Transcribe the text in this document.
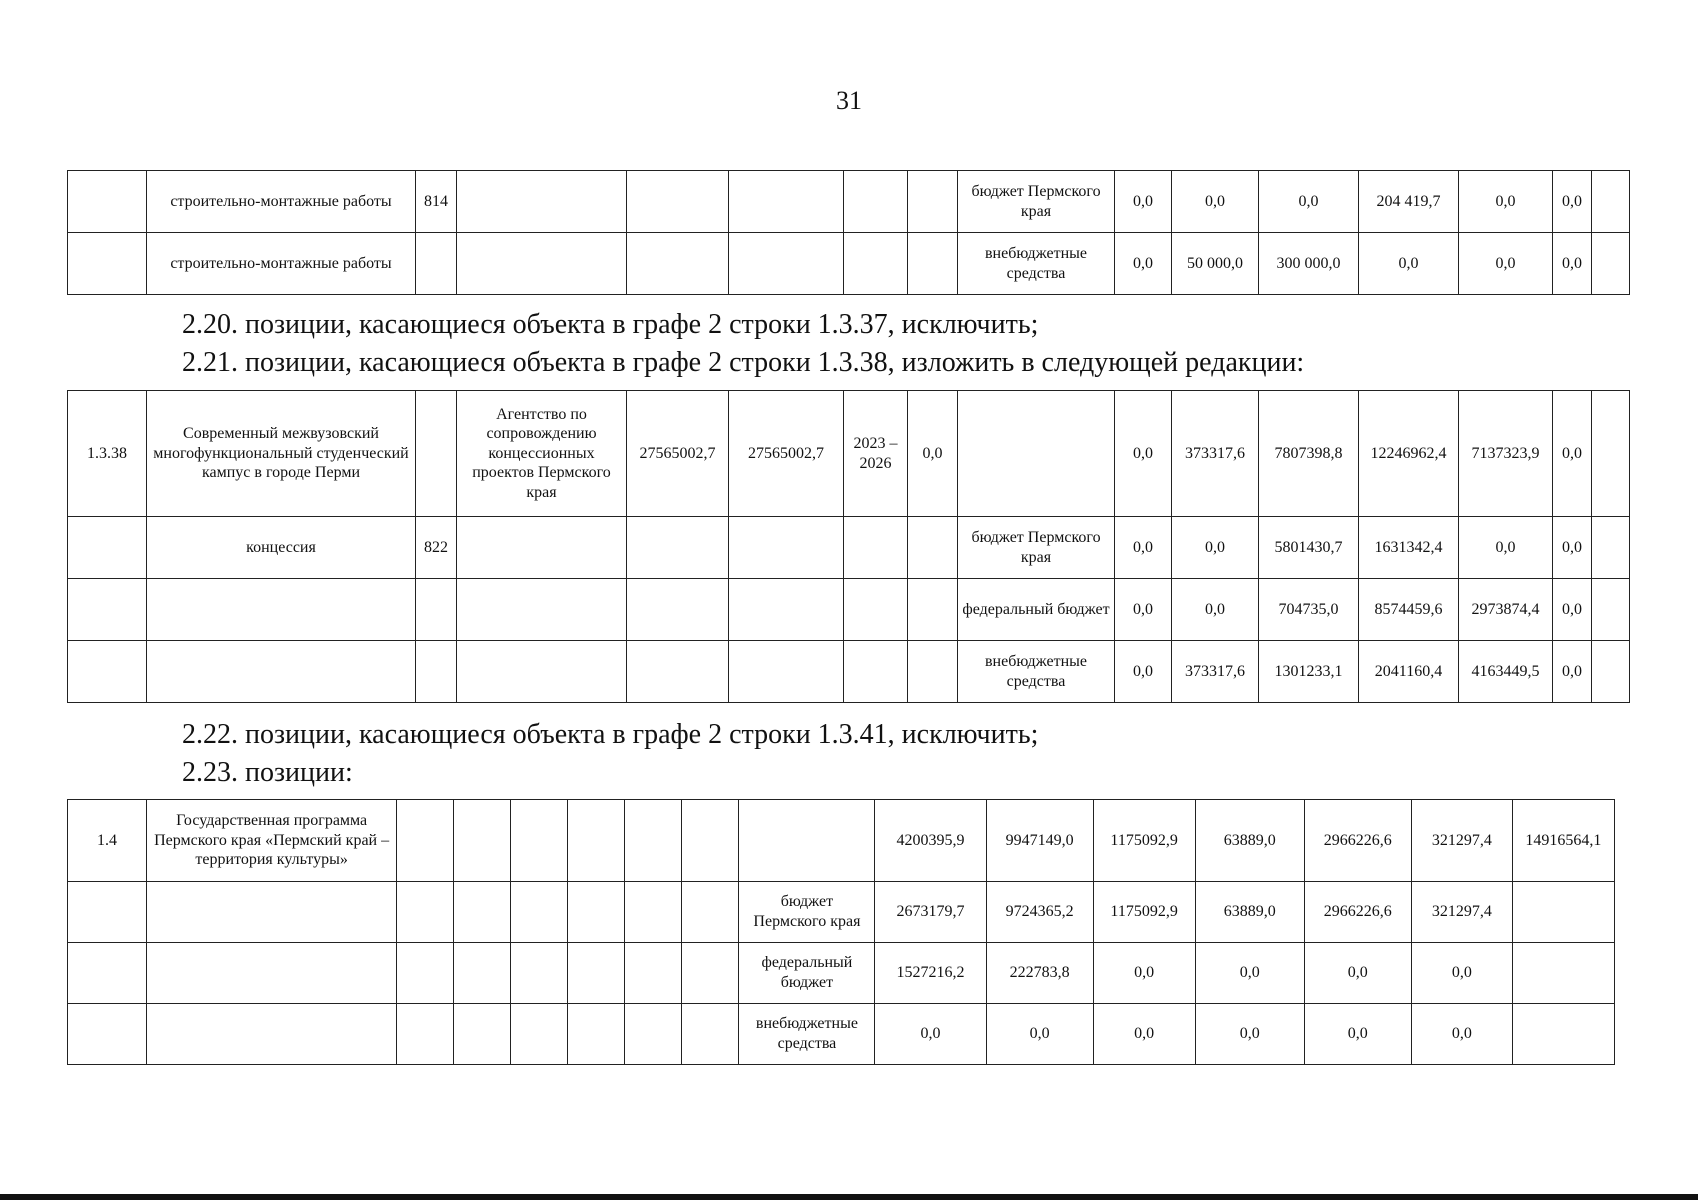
31
	строительно-монтажные работы	814						бюджет Пермского края	0,0	0,0	0,0	204 419,7	0,0	0,0	
	строительно-монтажные работы							внебюджетные средства	0,0	50 000,0	300 000,0	0,0	0,0	0,0	
2.20. позиции, касающиеся объекта в графе 2 строки 1.3.37, исключить;
2.21. позиции, касающиеся объекта в графе 2 строки 1.3.38, изложить в следующей редакции:
1.3.38	Современный межвузовский многофункциональный студенческий кампус в городе Перми		Агентство по сопровождению концессионных проектов Пермского края	27565002,7	27565002,7	2023 – 2026	0,0		0,0	373317,6	7807398,8	12246962,4	7137323,9	0,0	
	концессия	822						бюджет Пермского края	0,0	0,0	5801430,7	1631342,4	0,0	0,0	
								федеральный бюджет	0,0	0,0	704735,0	8574459,6	2973874,4	0,0	
								внебюджетные средства	0,0	373317,6	1301233,1	2041160,4	4163449,5	0,0	
2.22. позиции, касающиеся объекта в графе 2 строки 1.3.41, исключить;
2.23. позиции:
1.4	Государственная программа Пермского края «Пермский край – территория культуры»								4200395,9	9947149,0	1175092,9	63889,0	2966226,6	321297,4	14916564,1
								бюджет Пермского края	2673179,7	9724365,2	1175092,9	63889,0	2966226,6	321297,4	
								федеральный бюджет	1527216,2	222783,8	0,0	0,0	0,0	0,0	
								внебюджетные средства	0,0	0,0	0,0	0,0	0,0	0,0	
